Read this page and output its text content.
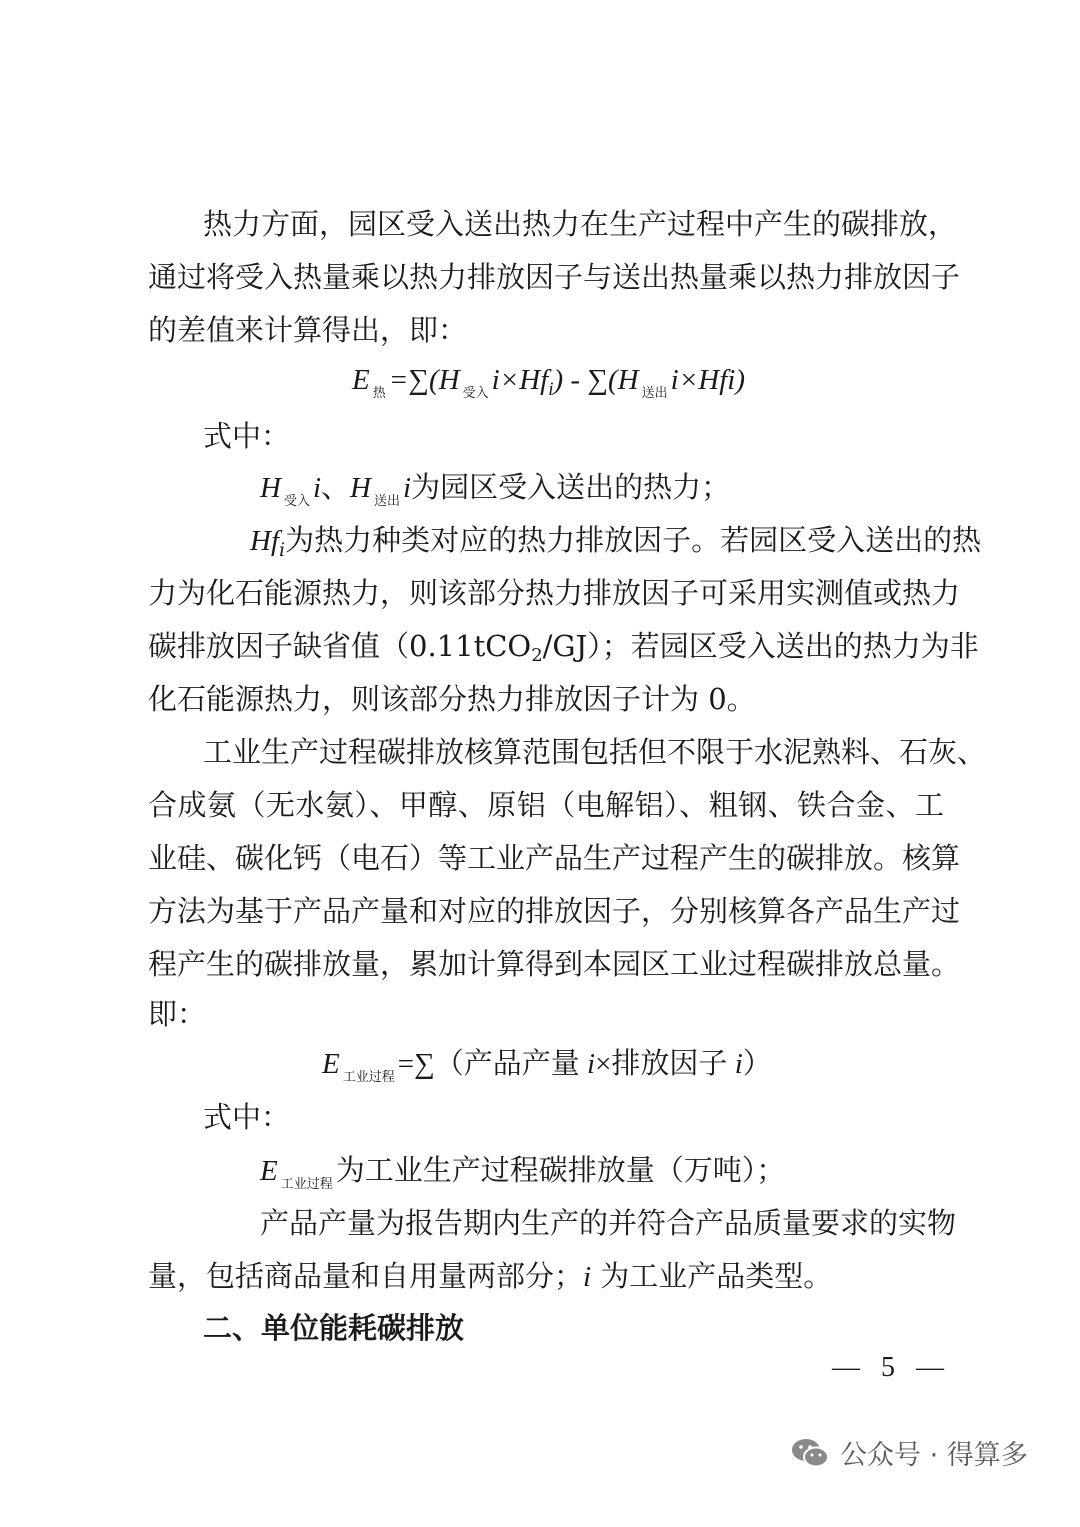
热力方面，园区受入送出热力在生产过程中产生的碳排放，
通过将受入热量乘以热力排放因子与送出热量乘以热力排放因子
的差值来计算得出，即：
E $_热$ =∑(H $_{受入}$ $i\times Hf_i) - \sum(H$ $_{送出}$ i×Hfi)
式中：
H $_{受入}$ i、H $_{送出}$ i为园区受入送出的热力；
$Hf_i$为热力种类对应的热力排放因子。若园区受入送出的热
力为化石能源热力，则该部分热力排放因子可采用实测值或热力
碳排放因子缺省值（0.11tCO2/GJ）；若园区受入送出的热力为非
化石能源热力，则该部分热力排放因子计为 0。
工业生产过程碳排放核算范围包括但不限于水泥熟料、石灰、
合成氨（无水氨）、甲醇、原铝（电解铝）、粗钢、铁合金、工
业硅、碳化钙（电石）等工业产品生产过程产生的碳排放。核算
方法为基于产品产量和对应的排放因子，分别核算各产品生产过
程产生的碳排放量，累加计算得到本园区工业过程碳排放总量。
即：
E $_{工业过程}$ =∑（产品产量 i×排放因子 i）
式中：
E $_{工业过程}$ 为工业生产过程碳排放量（万吨）；
产品产量为报告期内生产的并符合产品质量要求的实物
量，包括商品量和自用量两部分；i 为工业产品类型。
二、单位能耗碳排放
—   5   —
公众号 · 得算多
